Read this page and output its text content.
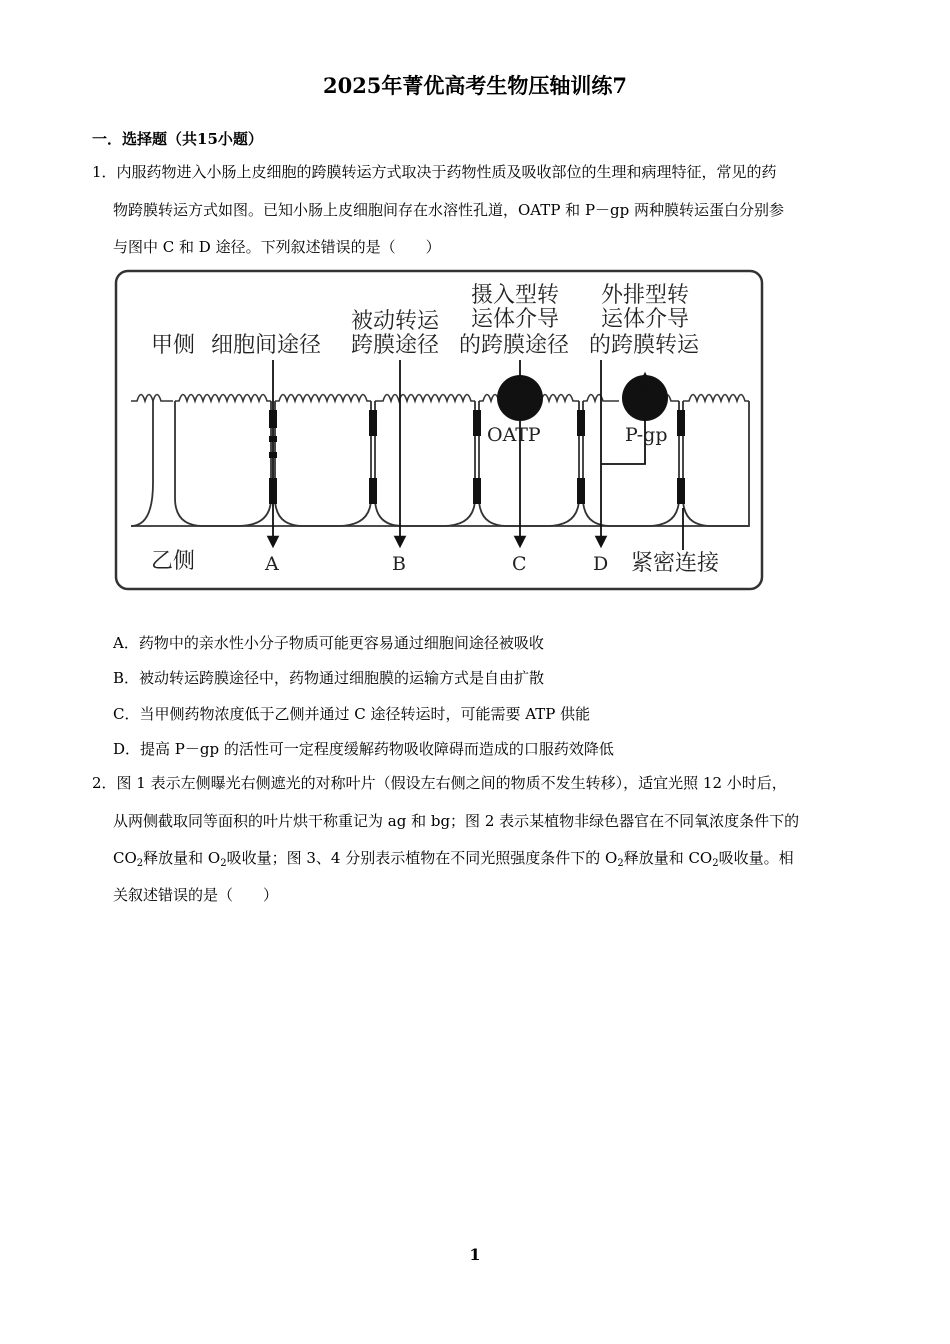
2025年菁优高考生物压轴训练7
一．选择题（共15小题）
1．内服药物进入小肠上皮细胞的跨膜转运方式取决于药物性质及吸收部位的生理和病理特征，常见的药
物跨膜转运方式如图。已知小肠上皮细胞间存在水溶性孔道，OATP 和 P－gp 两种膜转运蛋白分别参
与图中 C 和 D 途径。下列叙述错误的是（　　）
甲侧 细胞间途径
被动转运
跨膜途径
摄入型转
运体介导
的跨膜途径
外排型转
运体介导
的跨膜转运
OATP	P-gp
乙侧	A	B	C	D 紧密连接
A．药物中的亲水性小分子物质可能更容易通过细胞间途径被吸收
B．被动转运跨膜途径中，药物通过细胞膜的运输方式是自由扩散
C．当甲侧药物浓度低于乙侧并通过 C 途径转运时，可能需要 ATP 供能
D．提高 P－gp 的活性可一定程度缓解药物吸收障碍而造成的口服药效降低
2．图 1 表示左侧曝光右侧遮光的对称叶片（假设左右侧之间的物质不发生转移），适宜光照 12 小时后，
从两侧截取同等面积的叶片烘干称重记为 ag 和 bg；图 2 表示某植物非绿色器官在不同氧浓度条件下的
$CO_2$释放量和 $O_2$吸收量；图 3、4 分别表示植物在不同光照强度条件下的 $O_2$释放量和 $CO_2$吸收量。相
关叙述错误的是（　　）
1
